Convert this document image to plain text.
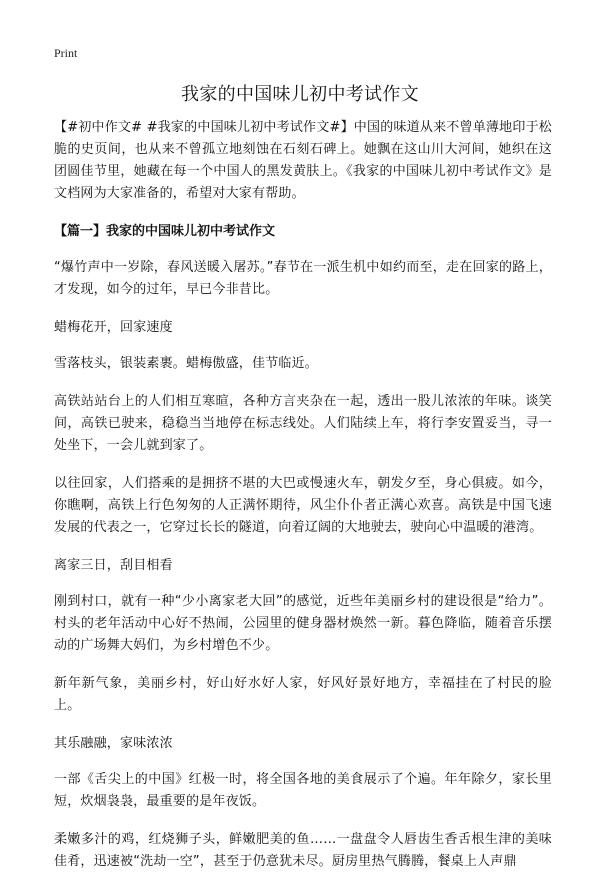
Print
我家的中国味儿初中考试作文

【#初中作文# #我家的中国味儿初中考试作文#】中国的味道从来不曾单薄地印于松脆的史页间，也从来不曾孤立地刻蚀在石刻石碑上。她飘在这山川大河间，她织在这团圆佳节里，她藏在每一个中国人的黑发黄肤上。《我家的中国味儿初中考试作文》是文档网为大家准备的，希望对大家有帮助。

【篇一】我家的中国味儿初中考试作文

“爆竹声中一岁除，春风送暖入屠苏。”春节在一派生机中如约而至，走在回家的路上，才发现，如今的过年，早已今非昔比。

蜡梅花开，回家速度

雪落枝头，银装素裹。蜡梅傲盛，佳节临近。

高铁站站台上的人们相互寒暄，各种方言夹杂在一起，透出一股儿浓浓的年味。谈笑间，高铁已驶来，稳稳当当地停在标志线处。人们陆续上车，将行李安置妥当，寻一处坐下，一会儿就到家了。

以往回家，人们搭乘的是拥挤不堪的大巴或慢速火车，朝发夕至，身心俱疲。如今，你瞧啊，高铁上行色匆匆的人正满怀期待，风尘仆仆者正满心欢喜。高铁是中国飞速发展的代表之一，它穿过长长的隧道，向着辽阔的大地驶去，驶向心中温暖的港湾。

离家三日，刮目相看

刚到村口，就有一种“少小离家老大回”的感觉，近些年美丽乡村的建设很是“给力”。村头的老年活动中心好不热闹，公园里的健身器材焕然一新。暮色降临，随着音乐摆动的广场舞大妈们，为乡村增色不少。

新年新气象，美丽乡村，好山好水好人家，好风好景好地方，幸福挂在了村民的脸上。

其乐融融，家味浓浓

一部《舌尖上的中国》红极一时，将全国各地的美食展示了个遍。年年除夕，家长里短，炊烟袅袅，最重要的是年夜饭。

柔嫩多汁的鸡，红烧狮子头，鲜嫩肥美的鱼……一盘盘令人唇齿生香舌根生津的美味佳肴，迅速被“洗劫一空”，甚至于仍意犹未尽。厨房里热气腾腾，餐桌上人声鼎
